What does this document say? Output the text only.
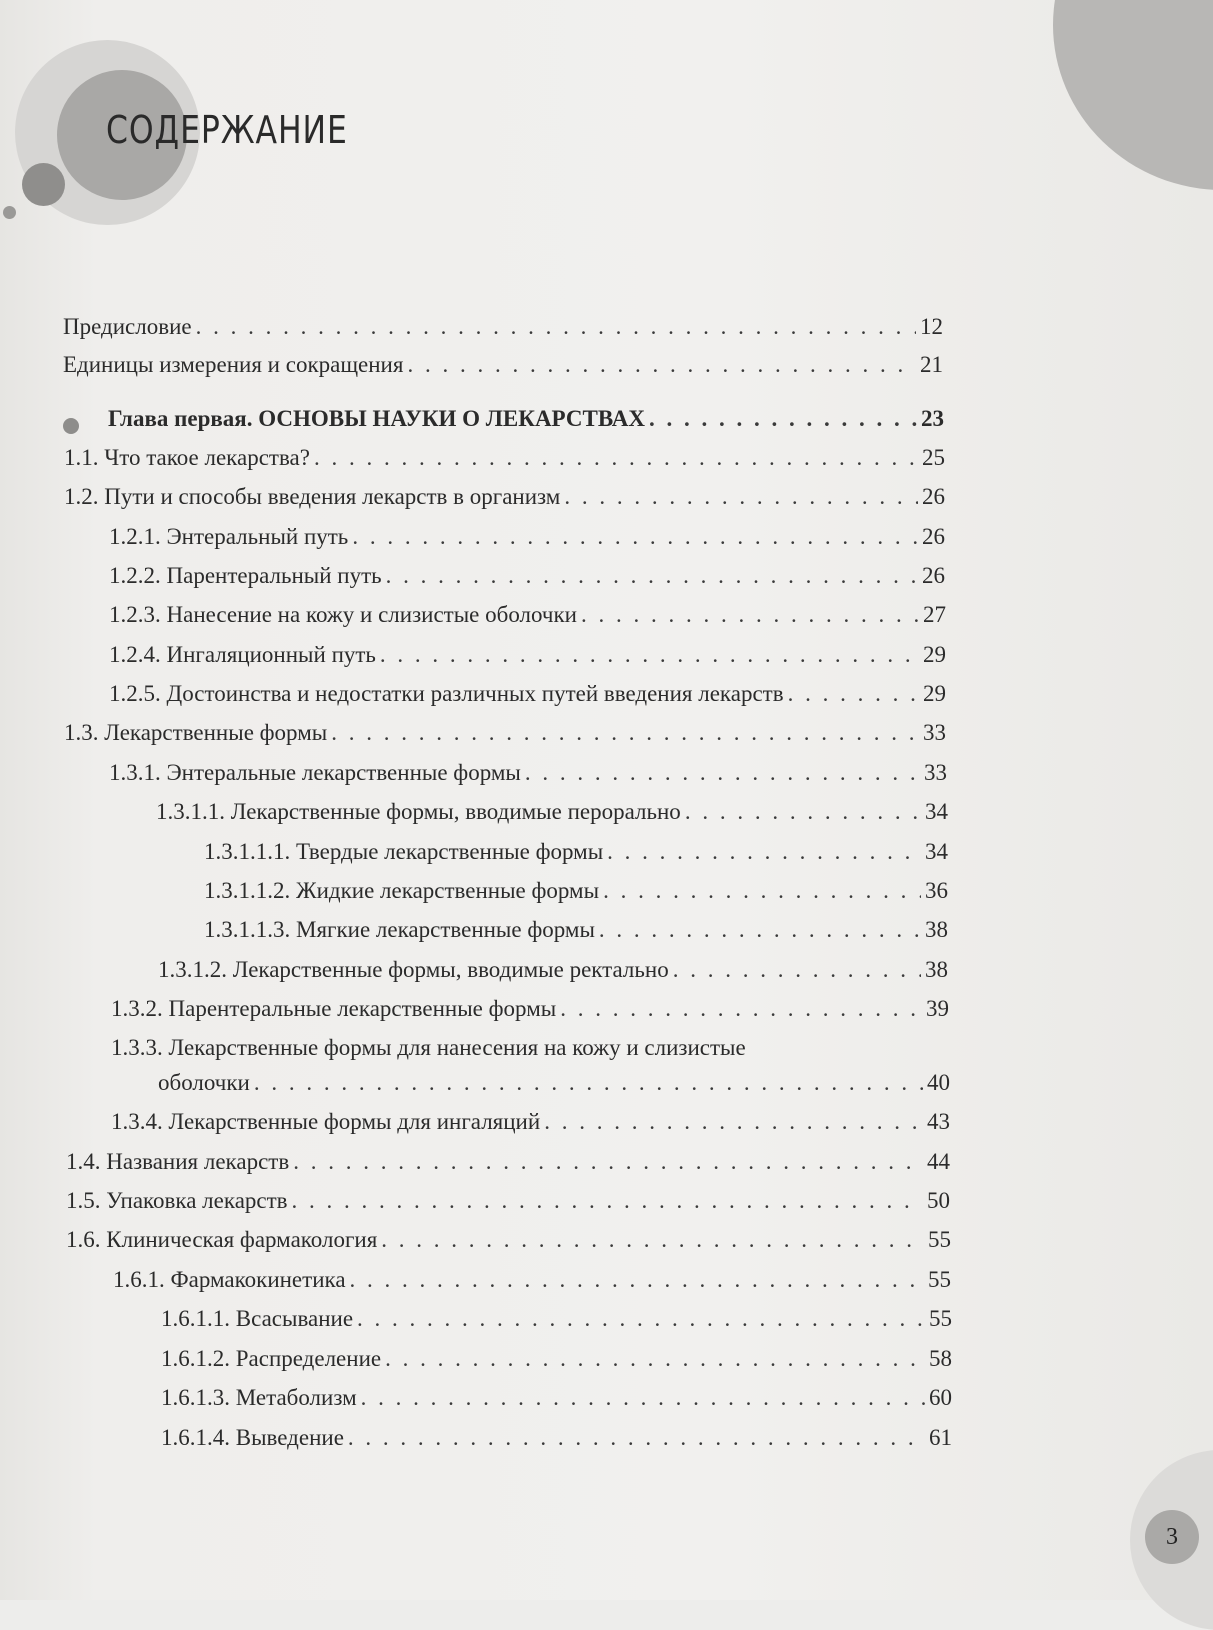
СОДЕРЖАНИЕ
Предисловие . . .	12
Единицы измерения и сокращения . . .	21
Глава первая. ОСНОВЫ НАУКИ О ЛЕКАРСТВАХ . . .	23
1.1. Что такое лекарства? . . .	25
1.2. Пути и способы введения лекарств в организм . . .	26
1.2.1. Энтеральный путь . . .	26
1.2.2. Парентеральный путь . . .	26
1.2.3. Нанесение на кожу и слизистые оболочки . . .	27
1.2.4. Ингаляционный путь . . .	29
1.2.5. Достоинства и недостатки различных путей введения лекарств . . .	29
1.3. Лекарственные формы . . .	33
1.3.1. Энтеральные лекарственные формы . . .	33
1.3.1.1. Лекарственные формы, вводимые перорально . . .	34
1.3.1.1.1. Твердые лекарственные формы . . .	34
1.3.1.1.2. Жидкие лекарственные формы . . .	36
1.3.1.1.3. Мягкие лекарственные формы . . .	38
1.3.1.2. Лекарственные формы, вводимые ректально . . .	38
1.3.2. Парентеральные лекарственные формы . . .	39
1.3.3. Лекарственные формы для нанесения на кожу и слизистые
оболочки . . .	40
1.3.4. Лекарственные формы для ингаляций . . .	43
1.4. Названия лекарств . . .	44
1.5. Упаковка лекарств . . .	50
1.6. Клиническая фармакология . . .	55
1.6.1. Фармакокинетика . . .	55
1.6.1.1. Всасывание . . .	55
1.6.1.2. Распределение . . .	58
1.6.1.3. Метаболизм . . .	60
1.6.1.4. Выведение . . .	61
3
